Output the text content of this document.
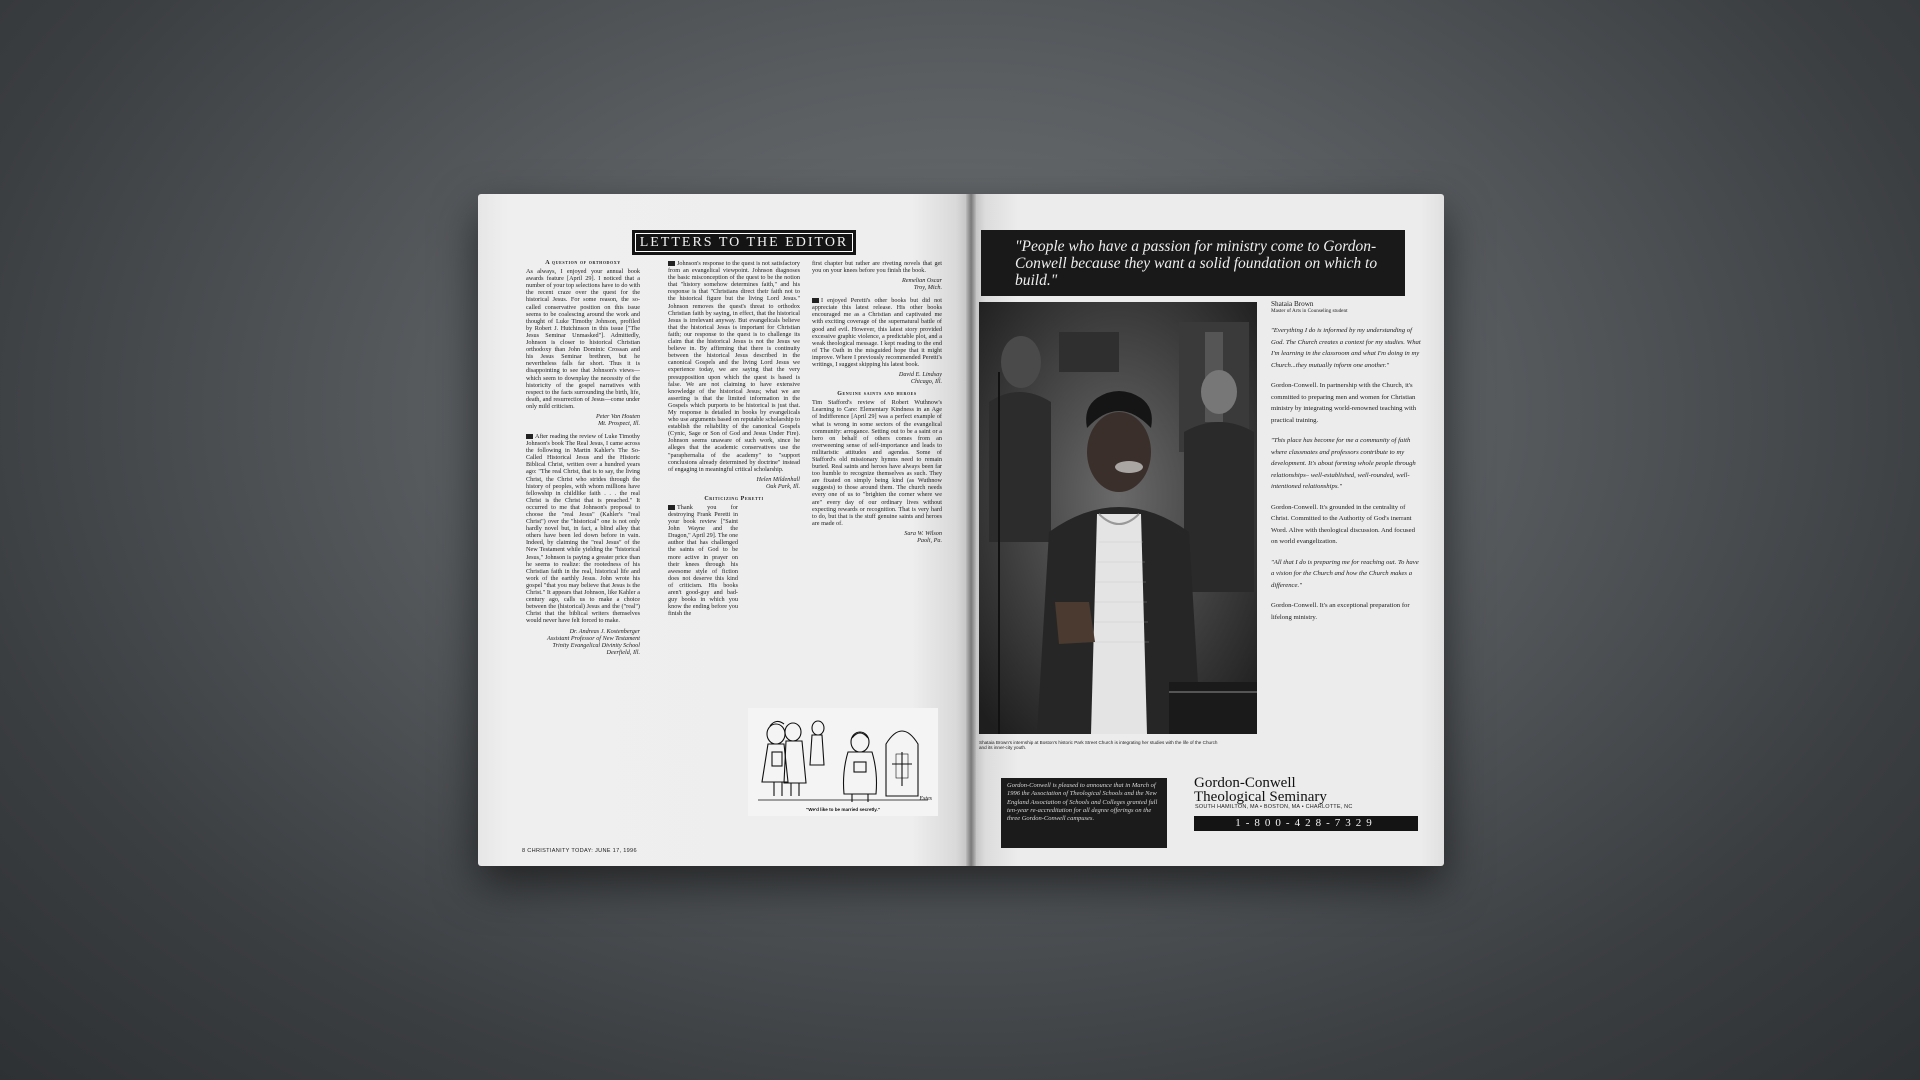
LETTERS TO THE EDITOR
A question of orthodoxy

As always, I enjoyed your annual book awards feature [April 29]. I noticed that a number of your top selections have to do with the recent craze over the quest for the historical Jesus. For some reason, the so-called conservative position on this issue seems to be coalescing around the work and thought of Luke Timothy Johnson, profiled by Robert J. Hutchinson in this issue ["The Jesus Seminar Unmasked"]. Admittedly, Johnson is closer to historical Christian orthodoxy than John Dominic Crossan and his Jesus Seminar brethren, but he nevertheless falls far short. Thus it is disappointing to see that Johnson's views—which seem to downplay the necessity of the historicity of the gospel narratives with respect to the facts surrounding the birth, life, death, and resurrection of Jesus—come under only mild criticism.

Peter Van Houten
Mt. Prospect, Ill.

After reading the review of Luke Timothy Johnson's book The Real Jesus, I came across the following in Martin Kahler's The So-Called Historical Jesus and the Historic Biblical Christ, written over a hundred years ago: "The real Christ, that is to say, the living Christ, the Christ who strides through the history of peoples, with whom millions have fellowship in childlike faith . . . the real Christ is the Christ that is preached." It occurred to me that Johnson's proposal to choose the "real Jesus" (Kahler's "real Christ") over the "historical" one is not only hardly novel but, in fact, a blind alley that others have been led down before in vain. Indeed, by claiming the "real Jesus" of the New Testament while yielding the "historical Jesus," Johnson is paying a greater price than he seems to realize: the rootedness of his Christian faith in the real, historical life and work of the earthly Jesus. John wrote his gospel "that you may believe that Jesus is the Christ." It appears that Johnson, like Kahler a century ago, calls us to make a choice between the (historical) Jesus and the ("real") Christ that the biblical writers themselves would never have felt forced to make.

Dr. Andreas J. Kostenberger
Assistant Professor of New Testament
Trinity Evangelical Divinity School
Deerfield, Ill.

Johnson's response to the quest is not satisfactory from an evangelical viewpoint. Johnson diagnoses the basic misconception of the quest to be the notion that "history somehow determines faith," and his response is that "Christians direct their faith not to the historical figure but the living Lord Jesus." Johnson removes the quest's threat to orthodox Christian faith by saying, in effect, that the historical Jesus is irrelevant anyway. But evangelicals believe that the historical Jesus is important for Christian faith; our response to the quest is to challenge its claim that the historical Jesus is not the Jesus we believe in. By affirming that there is continuity between the historical Jesus described in the canonical Gospels and the living Lord Jesus we experience today, we are saying that the very presupposition upon which the quest is based is false. We are not claiming to have extensive knowledge of the historical Jesus; what we are asserting is that the limited information in the Gospels which purports to be historical is just that. My response is detailed in books by evangelicals who use arguments based on reputable scholarship to establish the reliability of the canonical Gospels (Cynic, Sage or Son of God and Jesus Under Fire). Johnson seems unaware of such work, since he alleges that the academic conservatives use the "paraphernalia of the academy" to "support conclusions already determined by doctrine" instead of engaging in meaningful critical scholarship.

Helen Mildenhall
Oak Park, Ill.
Criticizing Peretti

Thank you for destroying Frank Peretti in your book review ["Saint John Wayne and the Dragon," April 29]. The one author that has challenged the saints of God to be more active in prayer on their knees through his awesome style of fiction does not deserve this kind of criticism. His books aren't good-guy and bad-guy books in which you know the ending before you finish the

first chapter but rather are riveting novels that get you on your knees before you finish the book.

Remelian Oscar
Troy, Mich.

I enjoyed Peretti's other books but did not appreciate this latest release. His other books encouraged me as a Christian and captivated me with exciting coverage of the supernatural battle of good and evil. However, this latest story provided excessive graphic violence, a predictable plot, and a weak theological message. I kept reading to the end of The Oath in the misguided hope that it might improve. Where I previously recommended Peretti's writings, I suggest skipping his latest book.

David E. Lindsay
Chicago, Ill.
Genuine saints and heroes

Tim Stafford's review of Robert Wuthnow's Learning to Care: Elementary Kindness in an Age of Indifference [April 29] was a perfect example of what is wrong in some sectors of the evangelical community: arrogance. Setting out to be a saint or a hero on behalf of others comes from an overweening sense of self-importance and leads to militaristic attitudes and agendas. Some of Stafford's old missionary hymns need to remain buried. Real saints and heroes have always been far too humble to recognize themselves as such. They are fixated on simply being kind (as Wuthnow suggests) to those around them. The church needs every one of us to "brighten the corner where we are" every day of our ordinary lives without expecting rewards or recognition. That is very hard to do, but that is the stuff genuine saints and heroes are made of.

Sara W. Wilson
Paoli, Pa.
"We'd like to be married secretly."
Estes
8 CHRISTIANITY TODAY: JUNE 17, 1996
"People who have a passion for ministry come to Gordon-Conwell because they want a solid foundation on which to build."
Shataia Brown's internship at Boston's historic Park Street Church is integrating her studies with the life of the Church and its inner-city youth.

Shataia Brown

Master of Arts in Counseling student

"Everything I do is informed by my understanding of God. The Church creates a context for my studies. What I'm learning in the classroom and what I'm doing in my Church...they mutually inform one another."

Gordon-Conwell. In partnership with the Church, it's committed to preparing men and women for Christian ministry by integrating world-renowned teaching with practical training.

"This place has become for me a community of faith where classmates and professors contribute to my development. It's about forming whole people through relationships– well-established, well-rounded, well-intentioned relationships."

Gordon-Conwell. It's grounded in the centrality of Christ. Committed to the Authority of God's inerrant Word. Alive with theological discussion. And focused on world evangelization.

"All that I do is preparing me for reaching out. To have a vision for the Church and how the Church makes a difference."

Gordon-Conwell. It's an exceptional preparation for lifelong ministry.

Gordon-Conwell is pleased to announce that in March of 1996 the Association of Theological Schools and the New England Association of Schools and Colleges granted full ten-year re-accreditation for all degree offerings on the three Gordon-Conwell campuses.
Gordon-Conwell
Theological Seminary
SOUTH HAMILTON, MA • BOSTON, MA • CHARLOTTE, NC
1-800-428-7329
